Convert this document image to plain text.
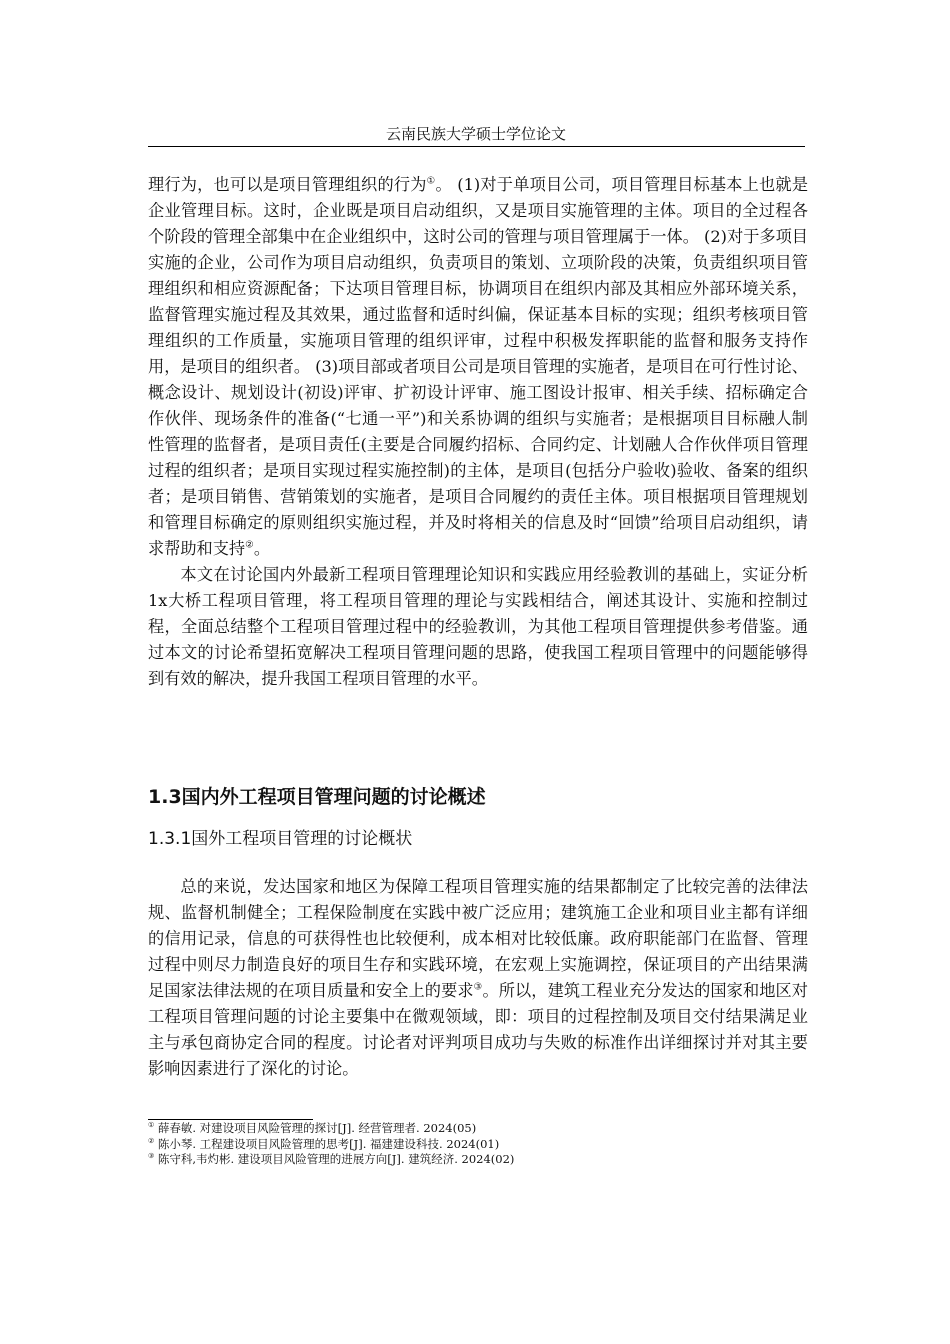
云南民族大学硕士学位论文

理行为，也可以是项目管理组织的行为①。 (1)对于单项目公司，项目管理目标基本上也就是企业管理目标。这时，企业既是项目启动组织，又是项目实施管理的主体。项目的全过程各个阶段的管理全部集中在企业组织中，这时公司的管理与项目管理属于一体。 (2)对于多项目实施的企业，公司作为项目启动组织，负责项目的策划、立项阶段的决策，负责组织项目管理组织和相应资源配备；下达项目管理目标，协调项目在组织内部及其相应外部环境关系，监督管理实施过程及其效果，通过监督和适时纠偏，保证基本目标的实现；组织考核项目管理组织的工作质量，实施项目管理的组织评审，过程中积极发挥职能的监督和服务支持作用，是项目的组织者。 (3)项目部或者项目公司是项目管理的实施者，是项目在可行性讨论、概念设计、规划设计(初设)评审、扩初设计评审、施工图设计报审、相关手续、招标确定合作伙伴、现场条件的准备(“七通一平”)和关系协调的组织与实施者；是根据项目目标融人制性管理的监督者，是项目责任(主要是合同履约招标、合同约定、计划融人合作伙伴项目管理过程的组织者；是项目实现过程实施控制)的主体，是项目(包括分户验收)验收、备案的组织者；是项目销售、营销策划的实施者，是项目合同履约的责任主体。项目根据项目管理规划和管理目标确定的原则组织实施过程，并及时将相关的信息及时“回馈”给项目启动组织，请求帮助和支持②。

本文在讨论国内外最新工程项目管理理论知识和实践应用经验教训的基础上，实证分析1x大桥工程项目管理，将工程项目管理的理论与实践相结合，阐述其设计、实施和控制过程，全面总结整个工程项目管理过程中的经验教训，为其他工程项目管理提供参考借鉴。通过本文的讨论希望拓宽解决工程项目管理问题的思路，使我国工程项目管理中的问题能够得到有效的解决，提升我国工程项目管理的水平。

1.3国内外工程项目管理问题的讨论概述
1.3.1国外工程项目管理的讨论概状

总的来说，发达国家和地区为保障工程项目管理实施的结果都制定了比较完善的法律法规、监督机制健全；工程保险制度在实践中被广泛应用；建筑施工企业和项目业主都有详细的信用记录，信息的可获得性也比较便利，成本相对比较低廉。政府职能部门在监督、管理过程中则尽力制造良好的项目生存和实践环境，在宏观上实施调控，保证项目的产出结果满足国家法律法规的在项目质量和安全上的要求③。所以，建筑工程业充分发达的国家和地区对工程项目管理问题的讨论主要集中在微观领域，即：项目的过程控制及项目交付结果满足业主与承包商协定合同的程度。讨论者对评判项目成功与失败的标准作出详细探讨并对其主要影响因素进行了深化的讨论。

① 薛春敏. 对建设项目风险管理的探讨[J]. 经营管理者. 2024(05)
② 陈小琴. 工程建设项目风险管理的思考[J]. 福建建设科技. 2024(01)
③ 陈守科,韦灼彬. 建设项目风险管理的进展方向[J]. 建筑经济. 2024(02)
